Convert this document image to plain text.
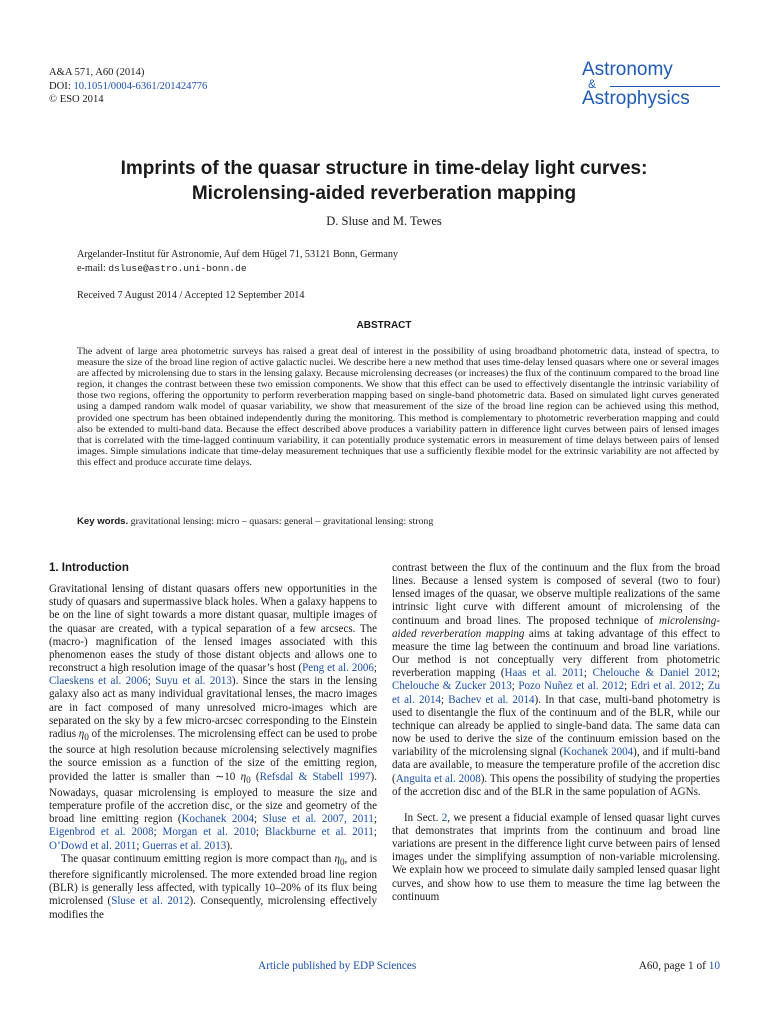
A&A 571, A60 (2014)
DOI: 10.1051/0004-6361/201424776
© ESO 2014
Astronomy
&
Astrophysics
Imprints of the quasar structure in time-delay light curves:
Microlensing-aided reverberation mapping
D. Sluse and M. Tewes
Argelander-Institut für Astronomie, Auf dem Hügel 71, 53121 Bonn, Germany
e-mail: dsluse@astro.uni-bonn.de
Received 7 August 2014 / Accepted 12 September 2014
ABSTRACT
The advent of large area photometric surveys has raised a great deal of interest in the possibility of using broadband photometric data, instead of spectra, to measure the size of the broad line region of active galactic nuclei. We describe here a new method that uses time-delay lensed quasars where one or several images are affected by microlensing due to stars in the lensing galaxy. Because microlensing decreases (or increases) the flux of the continuum compared to the broad line region, it changes the contrast between these two emission components. We show that this effect can be used to effectively disentangle the intrinsic variability of those two regions, offering the opportunity to perform reverberation mapping based on single-band photometric data. Based on simulated light curves generated using a damped random walk model of quasar variability, we show that measurement of the size of the broad line region can be achieved using this method, provided one spectrum has been obtained independently during the monitoring. This method is complementary to photometric reverberation mapping and could also be extended to multi-band data. Because the effect described above produces a variability pattern in difference light curves between pairs of lensed images that is correlated with the time-lagged continuum variability, it can potentially produce systematic errors in measurement of time delays between pairs of lensed images. Simple simulations indicate that time-delay measurement techniques that use a sufficiently flexible model for the extrinsic variability are not affected by this effect and produce accurate time delays.
Key words. gravitational lensing: micro – quasars: general – gravitational lensing: strong
1. Introduction

Gravitational lensing of distant quasars offers new opportunities in the study of quasars and supermassive black holes. When a galaxy happens to be on the line of sight towards a more distant quasar, multiple images of the quasar are created, with a typical separation of a few arcsecs. The (macro-) magnification of the lensed images associated with this phenomenon eases the study of those distant objects and allows one to reconstruct a high resolution image of the quasar’s host (Peng et al. 2006; Claeskens et al. 2006; Suyu et al. 2013). Since the stars in the lensing galaxy also act as many individual gravitational lenses, the macro images are in fact composed of many unresolved micro-images which are separated on the sky by a few micro-arcsec corresponding to the Einstein radius $\eta_0$ of the microlenses. The microlensing effect can be used to probe the source at high resolution because microlensing selectively magnifies the source emission as a function of the size of the emitting region, provided the latter is smaller than ∼10 $\eta_0$ (Refsdal & Stabell 1997). Nowadays, quasar microlensing is employed to measure the size and temperature profile of the accretion disc, or the size and geometry of the broad line emitting region (Kochanek 2004; Sluse et al. 2007, 2011; Eigenbrod et al. 2008; Morgan et al. 2010; Blackburne et al. 2011; O’Dowd et al. 2011; Guerras et al. 2013).

The quasar continuum emitting region is more compact than $\eta_0$, and is therefore significantly microlensed. The more extended broad line region (BLR) is generally less affected, with typically 10–20% of its flux being microlensed (Sluse et al. 2012). Consequently, microlensing effectively modifies the

contrast between the flux of the continuum and the flux from the broad lines. Because a lensed system is composed of several (two to four) lensed images of the quasar, we observe multiple realizations of the same intrinsic light curve with different amount of microlensing of the continuum and broad lines. The proposed technique of microlensing-aided reverberation mapping aims at taking advantage of this effect to measure the time lag between the continuum and broad line variations. Our method is not conceptually very different from photometric reverberation mapping (Haas et al. 2011; Chelouche & Daniel 2012; Chelouche & Zucker 2013; Pozo Nuñez et al. 2012; Edri et al. 2012; Zu et al. 2014; Bachev et al. 2014). In that case, multi-band photometry is used to disentangle the flux of the continuum and of the BLR, while our technique can already be applied to single-band data. The same data can now be used to derive the size of the continuum emission based on the variability of the microlensing signal (Kochanek 2004), and if multi-band data are available, to measure the temperature profile of the accretion disc (Anguita et al. 2008). This opens the possibility of studying the properties of the accretion disc and of the BLR in the same population of AGNs.

In Sect. 2, we present a fiducial example of lensed quasar light curves that demonstrates that imprints from the continuum and broad line variations are present in the difference light curve between pairs of lensed images under the simplifying assumption of non-variable microlensing. We explain how we proceed to simulate daily sampled lensed quasar light curves, and show how to use them to measure the time lag between the continuum

Article published by EDP Sciences	A60, page 1 of 10
